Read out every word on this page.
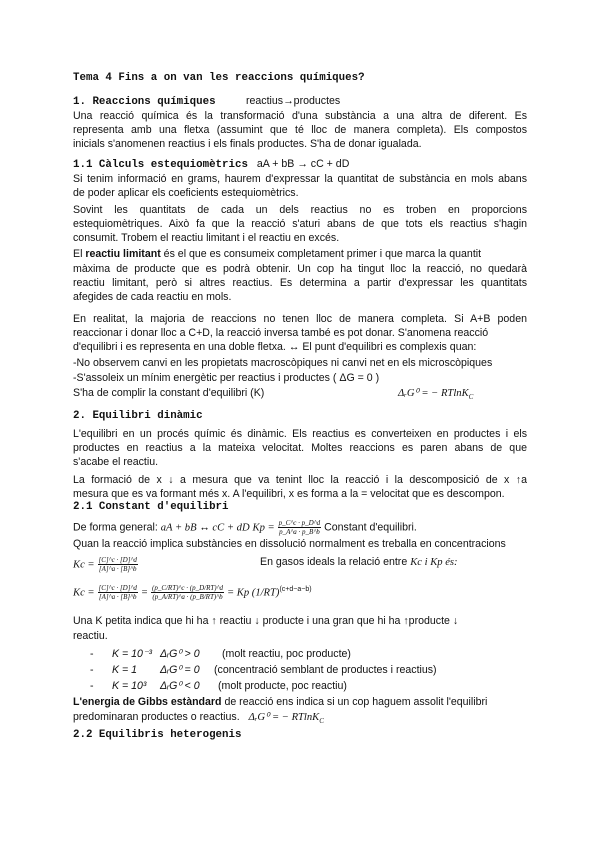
Tema 4 Fins a on van les reaccions químiques?
1. Reaccions químiques	reactius→productes
Una reacció química és la transformació d'una substància a una altra de diferent. Es
representa amb una fletxa (assumint que té lloc de manera completa). Els compostos
inicials s'anomenen reactius i els finals productes. S'ha de donar igualada.
1.1 Càlculs estequiomètrics aA + bB → cC + dD
Si tenim informació en grams, haurem d'expressar la quantitat de substància en mols abans
de poder aplicar els coeficients estequiomètrics.
Sovint les quantitats de cada un dels reactius no es troben en proporcions
estequiomètriques. Això fa que la reacció s'aturi abans de que tots els reactius s'hagin
consumit. Trobem el reactiu limitant i el reactiu en excés.
El reactiu limitant és el que es consumeix completament primer i que marca la quantit
màxima de producte que es podrà obtenir. Un cop ha tingut lloc la reacció, no quedarà
reactiu limitant, però si altres reactius. Es determina a partir d'expressar les quantitats
afegides de cada reactiu en mols.
En realitat, la majoria de reaccions no tenen lloc de manera completa. Si A+B poden
reaccionar i donar lloc a C+D, la reacció inversa també es pot donar. S'anomena reacció
d'equilibri i es representa en una doble fletxa. ↔ El punt d'equilibri es complexis quan:
-No observem canvi en les propietats macroscòpiques ni canvi net en els microscòpiques
-S'assoleix un mínim energètic per reactius i productes ( ΔG = 0 )
S'ha de complir la constant d'equilibri (K)	ΔᵣG⁰ = − RTlnK$_C$
2. Equilibri dinàmic
L'equilibri en un procés químic és dinàmic. Els reactius es converteixen en productes i els
productes en reactius a la mateixa velocitat. Moltes reaccions es paren abans de que
s'acabe el reactiu.
La formació de x ↓ a mesura que va tenint lloc la reacció i la descomposició de x ↑a
mesura que es va formant més x. A l'equilibri, x es forma a la = velocitat que es descompon.
2.1 Constant d'equilibri
De forma general: aA + bB ↔ cC + dD $Kp = \frac{p\_C\^{}c \cdot p\_D\^{}d}{p\_A\^{}a \cdot p\_B\^{}b}$ Constant d'equilibri.
Quan la reacció implica substàncies en dissolució normalment es treballa en concentracions
$Kc = \frac{[C]\^{}c \cdot [D]\^{}d}{[A]\^{}a \cdot [B]\^{}b}$	En gasos ideals la relació entre Kc i Kp és:
$Kc = \frac{[C]\^{}c \cdot [D]\^{}d}{[A]\^{}a \cdot [B]\^{}b} = \frac{(p\_C/RT)\^{}c \cdot (p\_D/RT)\^{}d}{(p\_A/RT)\^{}a \cdot (p\_B/RT)\^{}b} = Kp$ $(1/RT)^{(c+d-a-b)}$
Una K petita indica que hi ha ↑ reactiu ↓ producte i una gran que hi ha ↑producte ↓
reactiu.
- K = 10⁻³ ΔᵣG⁰ > 0 (molt reactiu, poc producte)
- K = 1 ΔᵣG⁰ = 0 (concentració semblant de productes i reactius)
- K = 10³ ΔᵣG⁰ < 0 (molt producte, poc reactiu)
L'energia de Gibbs estàndard de reacció ens indica si un cop haguem assolit l'equilibri
predominaran productes o reactius. ΔᵣG⁰ = − RTlnK$_C$
2.2 Equilibris heterogenis
